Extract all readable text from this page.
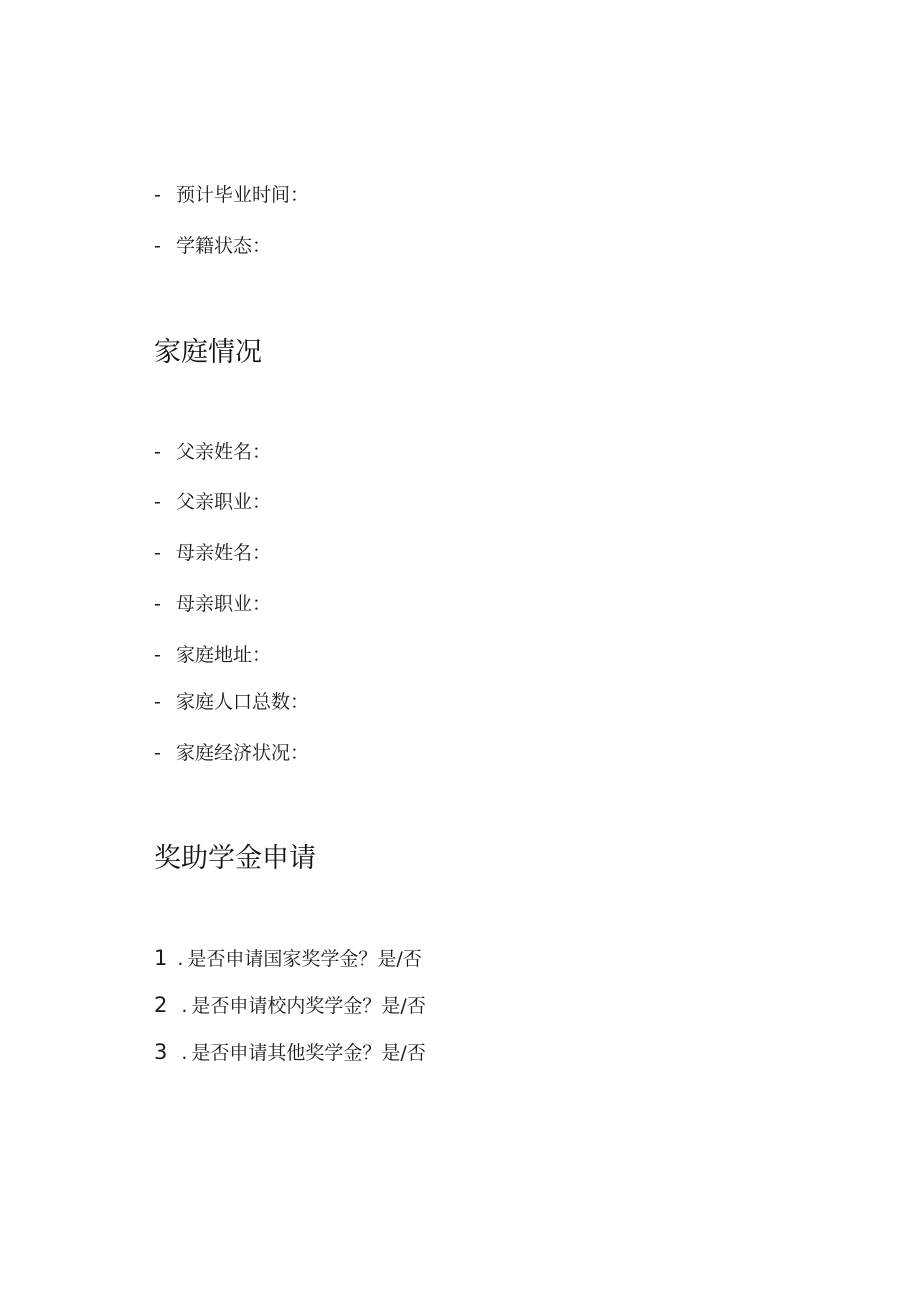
- 预计毕业时间：
- 学籍状态：
家庭情况
- 父亲姓名：
- 父亲职业：
- 母亲姓名：
- 母亲职业：
- 家庭地址：
- 家庭人口总数：
- 家庭经济状况：
奖助学金申请
1 . 是否申请国家奖学金？是/否
2 . 是否申请校内奖学金？是/否
3 . 是否申请其他奖学金？是/否
